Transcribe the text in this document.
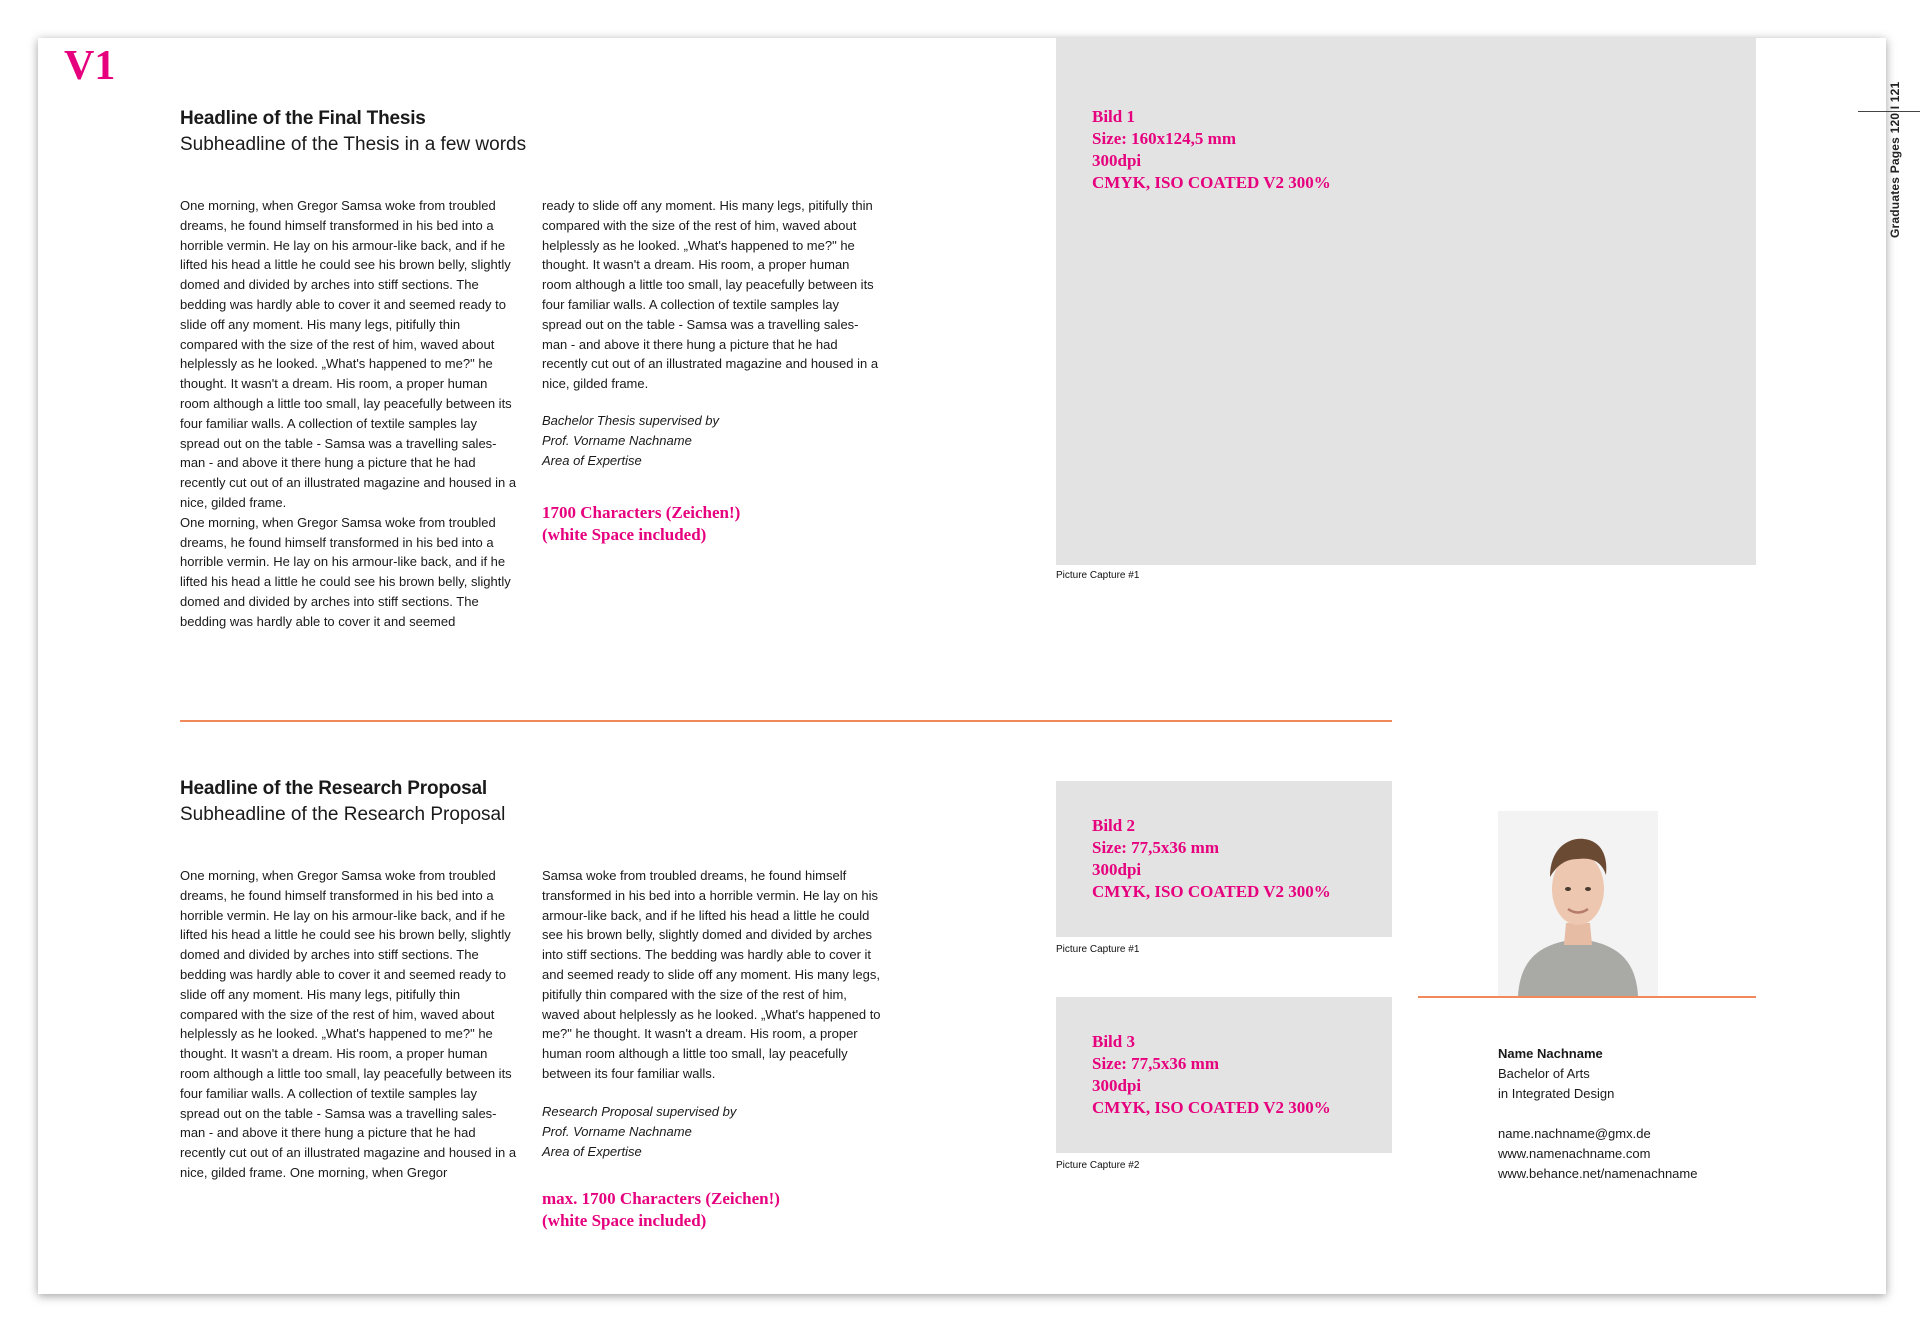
V1
Graduates Pages 120 I 121
Headline of the Final Thesis
Subheadline of the Thesis in a few words

One morning, when Gregor Samsa woke from troubled dreams, he found himself transformed in his bed into a horrible vermin. He lay on his armour-like back, and if he lifted his head a little he could see his brown belly, slightly domed and divided by arches into stiff sections. The bedding was hardly able to cover it and seemed ready to slide off any moment. His many legs, pitifully thin compared with the size of the rest of him, waved about helplessly as he looked. „What's happened to me?" he thought. It wasn't a dream. His room, a proper human room although a little too small, lay peacefully between its four familiar walls. A collection of textile samples lay spread out on the table - Samsa was a travelling sales- man - and above it there hung a picture that he had recently cut out of an illustrated magazine and housed in a nice, gilded frame.

One morning, when Gregor Samsa woke from troubled dreams, he found himself transformed in his bed into a horrible vermin. He lay on his armour-like back, and if he lifted his head a little he could see his brown belly, slightly domed and divided by arches into stiff sections. The bedding was hardly able to cover it and seemed

ready to slide off any moment. His many legs, pitifully thin compared with the size of the rest of him, waved about helplessly as he looked. „What's happened to me?" he thought. It wasn't a dream. His room, a proper human room although a little too small, lay peacefully between its four familiar walls. A collection of textile samples lay spread out on the table - Samsa was a travelling sales- man - and above it there hung a picture that he had recently cut out of an illustrated magazine and housed in a nice, gilded frame.

Bachelor Thesis supervised by
Prof. Vorname Nachname
Area of Expertise
1700 Characters (Zeichen!)
(white Space included)
Bild 1
Size: 160x124,5 mm
300dpi
CMYK, ISO COATED V2 300%
Picture Capture #1
Headline of the Research Proposal
Subheadline of the Research Proposal

One morning, when Gregor Samsa woke from troubled dreams, he found himself transformed in his bed into a horrible vermin. He lay on his armour-like back, and if he lifted his head a little he could see his brown belly, slightly domed and divided by arches into stiff sections. The bedding was hardly able to cover it and seemed ready to slide off any moment. His many legs, pitifully thin compared with the size of the rest of him, waved about helplessly as he looked. „What's happened to me?" he thought. It wasn't a dream. His room, a proper human room although a little too small, lay peacefully between its four familiar walls. A collection of textile samples lay spread out on the table - Samsa was a travelling sales- man - and above it there hung a picture that he had recently cut out of an illustrated magazine and housed in a nice, gilded frame. One morning, when Gregor

Samsa woke from troubled dreams, he found himself transformed in his bed into a horrible vermin. He lay on his armour-like back, and if he lifted his head a little he could see his brown belly, slightly domed and divided by arches into stiff sections. The bedding was hardly able to cover it and seemed ready to slide off any moment. His many legs, pitifully thin compared with the size of the rest of him, waved about helplessly as he looked. „What's happened to me?" he thought. It wasn't a dream. His room, a proper human room although a little too small, lay peacefully between its four familiar walls.

Research Proposal supervised by
Prof. Vorname Nachname
Area of Expertise
max. 1700 Characters (Zeichen!)
(white Space included)
Bild 2
Size: 77,5x36 mm
300dpi
CMYK, ISO COATED V2 300%
Picture Capture #1
Bild 3
Size: 77,5x36 mm
300dpi
CMYK, ISO COATED V2 300%
Picture Capture #2
Name Nachname
Bachelor of Arts
in Integrated Design
name.nachname@gmx.de
www.namenachname.com
www.behance.net/namenachname
